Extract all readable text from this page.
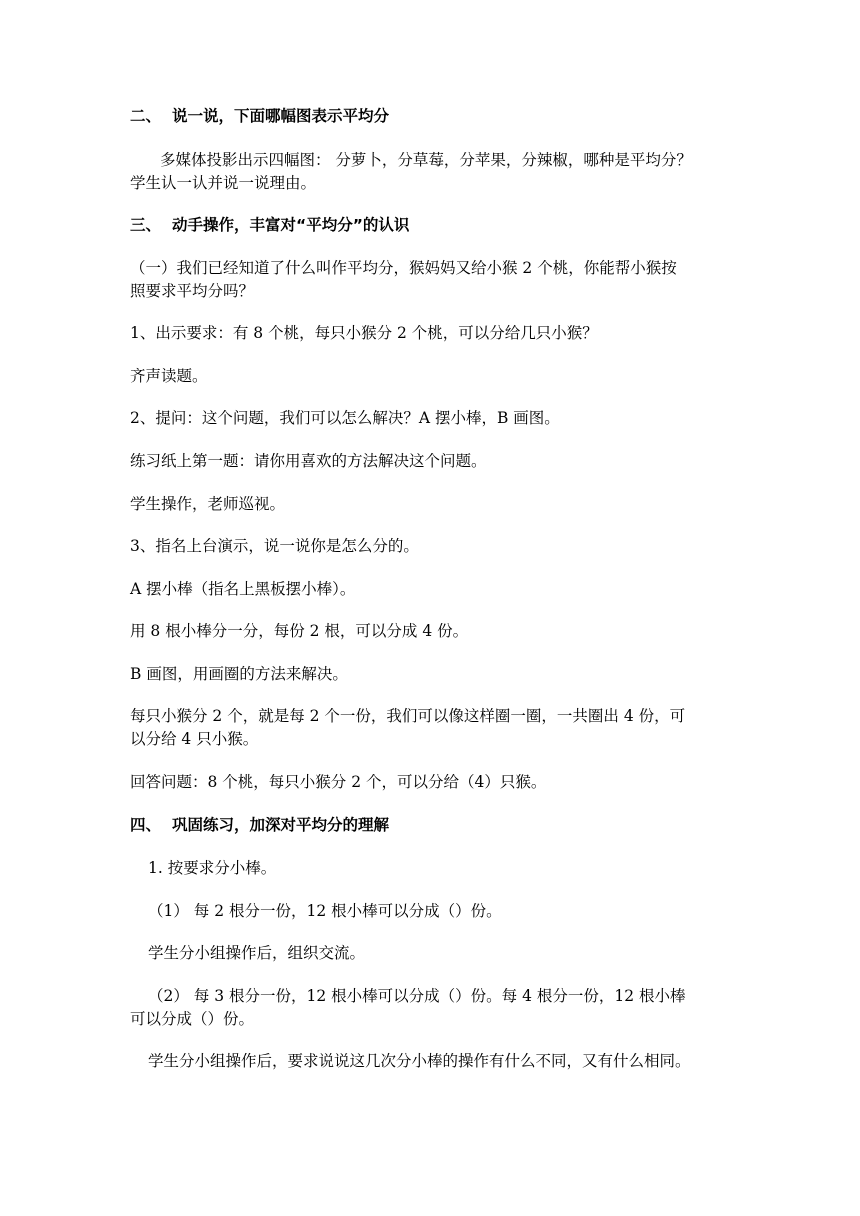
二、 说一说，下面哪幅图表示平均分
多媒体投影出示四幅图： 分萝卜，分草莓，分苹果，分辣椒，哪种是平均分？
学生认一认并说一说理由。
三、 动手操作，丰富对“平均分”的认识
（一）我们已经知道了什么叫作平均分，猴妈妈又给小猴 2 个桃，你能帮小猴按
照要求平均分吗？
1、出示要求：有 8 个桃，每只小猴分 2 个桃，可以分给几只小猴？
齐声读题。
2、提问：这个问题，我们可以怎么解决？A 摆小棒，B 画图。
练习纸上第一题：请你用喜欢的方法解决这个问题。
学生操作，老师巡视。
3、指名上台演示，说一说你是怎么分的。
A 摆小棒（指名上黑板摆小棒）。
用 8 根小棒分一分，每份 2 根，可以分成 4 份。
B 画图，用画圈的方法来解决。
每只小猴分 2 个，就是每 2 个一份，我们可以像这样圈一圈，一共圈出 4 份，可
以分给 4 只小猴。
回答问题：8 个桃，每只小猴分 2 个，可以分给（4）只猴。
四、 巩固练习，加深对平均分的理解
1. 按要求分小棒。
（1） 每 2 根分一份，12 根小棒可以分成（）份。
学生分小组操作后，组织交流。
（2） 每 3 根分一份，12 根小棒可以分成（）份。每 4 根分一份，12 根小棒
可以分成（）份。
学生分小组操作后，要求说说这几次分小棒的操作有什么不同，又有什么相同。
